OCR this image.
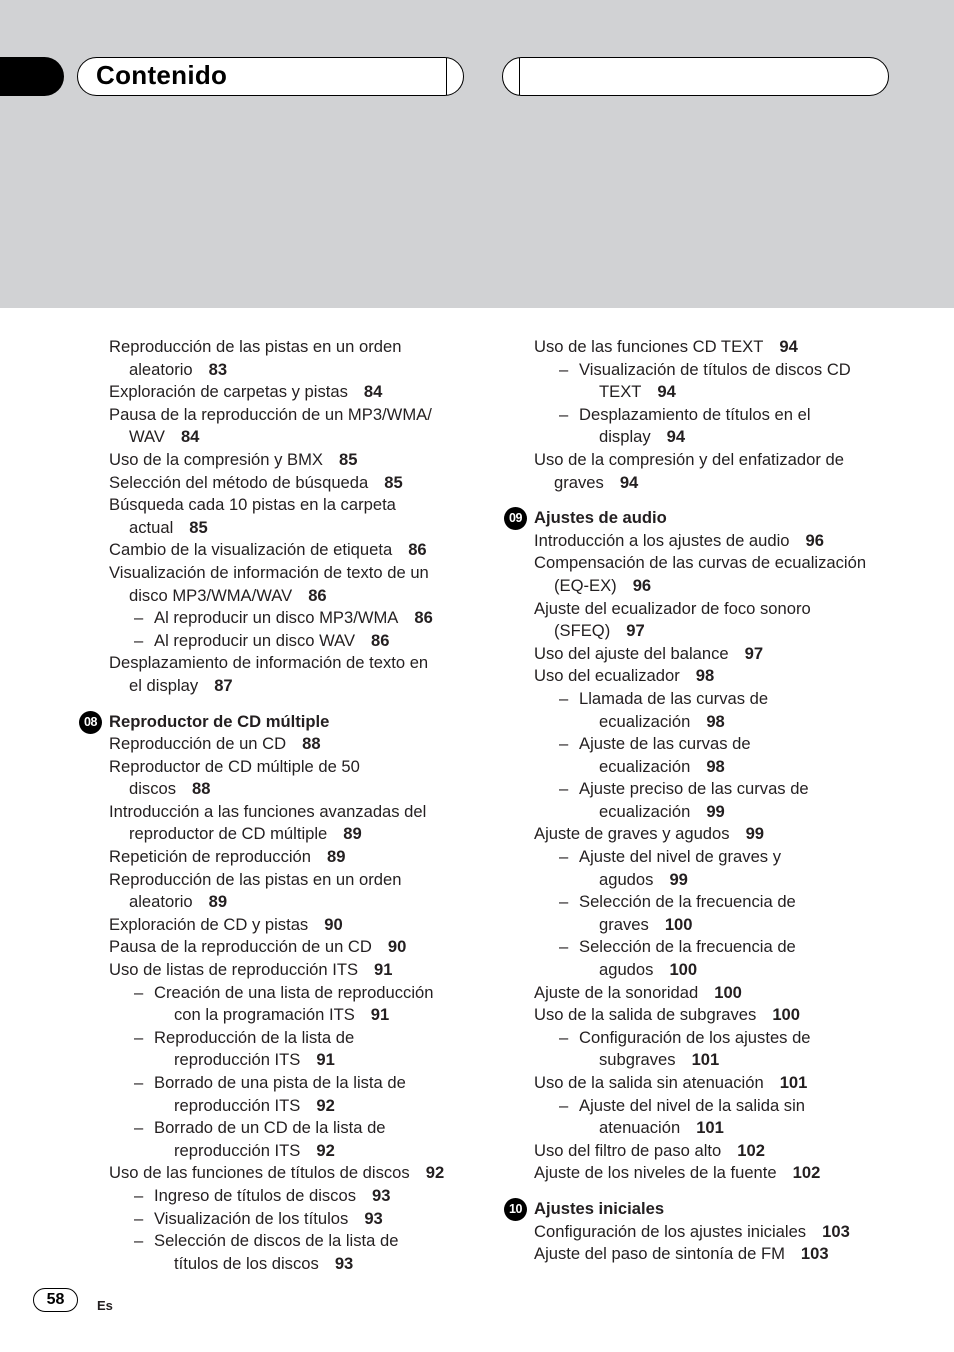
Contenido
Reproducción de las pistas en un orden
aleatorio 83
Exploración de carpetas y pistas 84
Pausa de la reproducción de un MP3/WMA/
WAV 84
Uso de la compresión y BMX 85
Selección del método de búsqueda 85
Búsqueda cada 10 pistas en la carpeta
actual 85
Cambio de la visualización de etiqueta 86
Visualización de información de texto de un
disco MP3/WMA/WAV 86
– Al reproducir un disco MP3/WMA 86
– Al reproducir un disco WAV 86
Desplazamiento de información de texto en
el display 87
08 Reproductor de CD múltiple
Reproducción de un CD 88
Reproductor de CD múltiple de 50
discos 88
Introducción a las funciones avanzadas del
reproductor de CD múltiple 89
Repetición de reproducción 89
Reproducción de las pistas en un orden
aleatorio 89
Exploración de CD y pistas 90
Pausa de la reproducción de un CD 90
Uso de listas de reproducción ITS 91
– Creación de una lista de reproducción
con la programación ITS 91
– Reproducción de la lista de
reproducción ITS 91
– Borrado de una pista de la lista de
reproducción ITS 92
– Borrado de un CD de la lista de
reproducción ITS 92
Uso de las funciones de títulos de discos 92
– Ingreso de títulos de discos 93
– Visualización de los títulos 93
– Selección de discos de la lista de
títulos de los discos 93
Uso de las funciones CD TEXT 94
– Visualización de títulos de discos CD
TEXT 94
– Desplazamiento de títulos en el
display 94
Uso de la compresión y del enfatizador de
graves 94
09 Ajustes de audio
Introducción a los ajustes de audio 96
Compensación de las curvas de ecualización
(EQ-EX) 96
Ajuste del ecualizador de foco sonoro
(SFEQ) 97
Uso del ajuste del balance 97
Uso del ecualizador 98
– Llamada de las curvas de
ecualización 98
– Ajuste de las curvas de
ecualización 98
– Ajuste preciso de las curvas de
ecualización 99
Ajuste de graves y agudos 99
– Ajuste del nivel de graves y
agudos 99
– Selección de la frecuencia de
graves 100
– Selección de la frecuencia de
agudos 100
Ajuste de la sonoridad 100
Uso de la salida de subgraves 100
– Configuración de los ajustes de
subgraves 101
Uso de la salida sin atenuación 101
– Ajuste del nivel de la salida sin
atenuación 101
Uso del filtro de paso alto 102
Ajuste de los niveles de la fuente 102
10 Ajustes iniciales
Configuración de los ajustes iniciales 103
Ajuste del paso de sintonía de FM 103
58	Es
